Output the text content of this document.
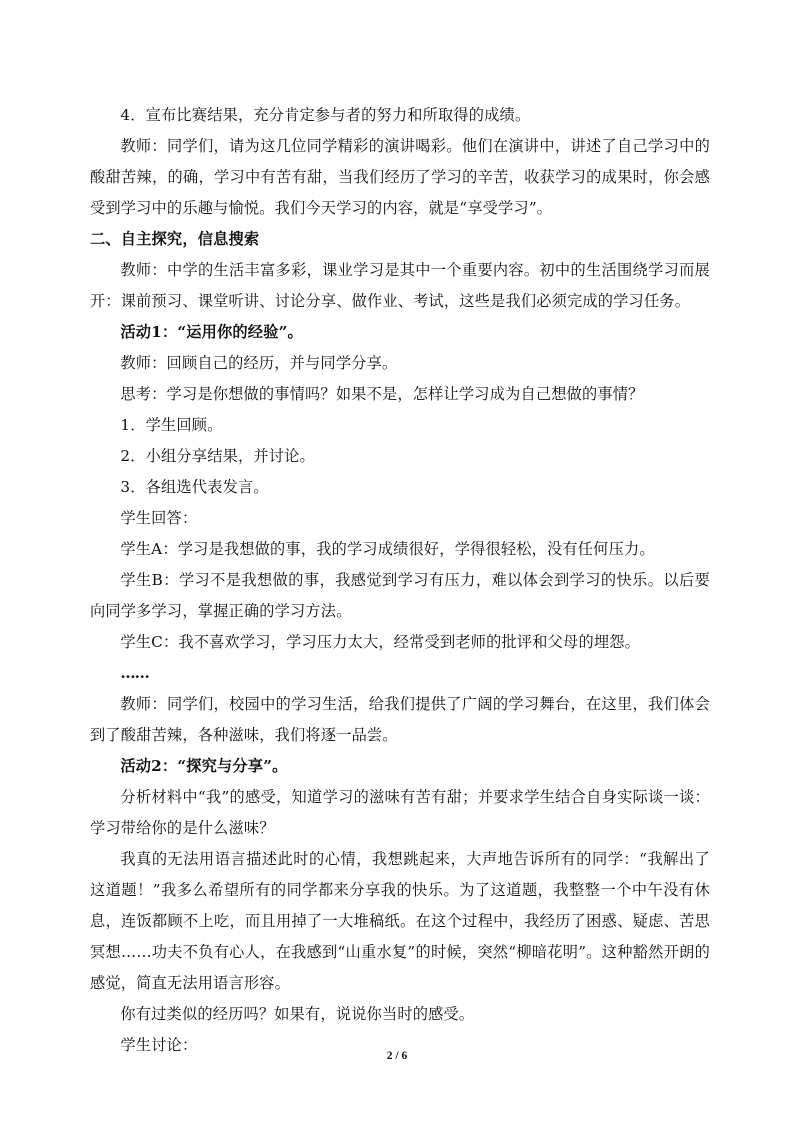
4．宣布比赛结果，充分肯定参与者的努力和所取得的成绩。

教师：同学们，请为这几位同学精彩的演讲喝彩。他们在演讲中，讲述了自己学习中的酸甜苦辣，的确，学习中有苦有甜，当我们经历了学习的辛苦，收获学习的成果时，你会感受到学习中的乐趣与愉悦。我们今天学习的内容，就是“享受学习”。

二、自主探究，信息搜索

教师：中学的生活丰富多彩，课业学习是其中一个重要内容。初中的生活围绕学习而展开：课前预习、课堂听讲、讨论分享、做作业、考试，这些是我们必须完成的学习任务。

活动1：“运用你的经验”。

教师：回顾自己的经历，并与同学分享。

思考：学习是你想做的事情吗？如果不是，怎样让学习成为自己想做的事情？

1．学生回顾。

2．小组分享结果，并讨论。

3．各组选代表发言。

学生回答：

学生A：学习是我想做的事，我的学习成绩很好，学得很轻松，没有任何压力。

学生B：学习不是我想做的事，我感觉到学习有压力，难以体会到学习的快乐。以后要向同学多学习，掌握正确的学习方法。

学生C：我不喜欢学习，学习压力太大，经常受到老师的批评和父母的埋怨。

……

教师：同学们，校园中的学习生活，给我们提供了广阔的学习舞台，在这里，我们体会到了酸甜苦辣，各种滋味，我们将逐一品尝。

活动2：“探究与分享”。

分析材料中“我”的感受，知道学习的滋味有苦有甜；并要求学生结合自身实际谈一谈：学习带给你的是什么滋味？

我真的无法用语言描述此时的心情，我想跳起来，大声地告诉所有的同学：“我解出了这道题！”我多么希望所有的同学都来分享我的快乐。为了这道题，我整整一个中午没有休息，连饭都顾不上吃，而且用掉了一大堆稿纸。在这个过程中，我经历了困惑、疑虑、苦思冥想……功夫不负有心人，在我感到“山重水复”的时候，突然“柳暗花明”。这种豁然开朗的感觉，简直无法用语言形容。

你有过类似的经历吗？如果有，说说你当时的感受。

学生讨论：

2 / 6
